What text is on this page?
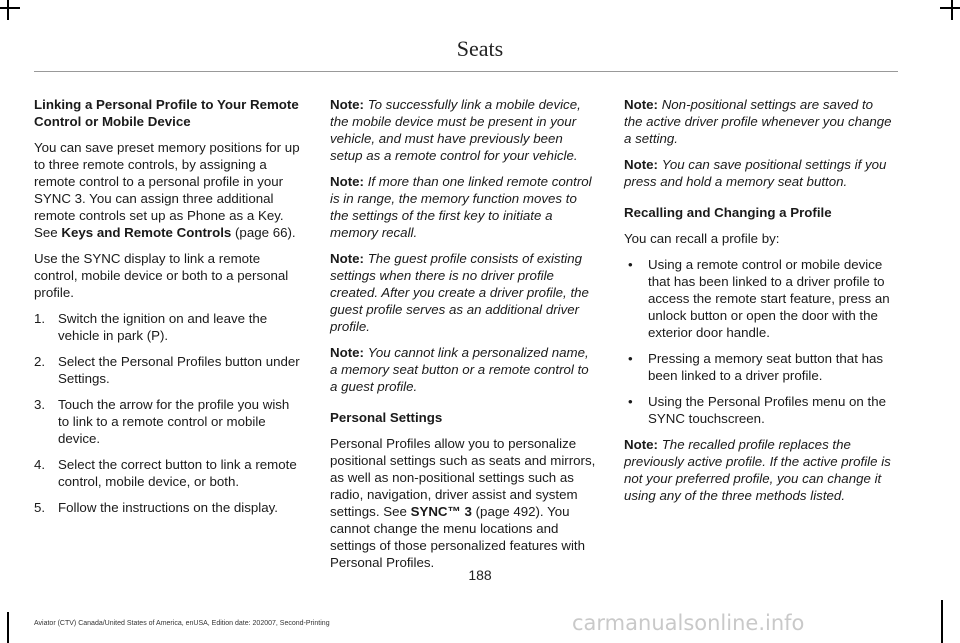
Seats

Linking a Personal Profile to Your Remote Control or Mobile Device

You can save preset memory positions for up to three remote controls, by assigning a remote control to a personal profile in your SYNC 3. You can assign three additional remote controls set up as Phone as a Key. See Keys and Remote Controls (page 66).

Use the SYNC display to link a remote control, mobile device or both to a personal profile.

1. Switch the ignition on and leave the vehicle in park (P).
2. Select the Personal Profiles button under Settings.
3. Touch the arrow for the profile you wish to link to a remote control or mobile device.
4. Select the correct button to link a remote control, mobile device, or both.
5. Follow the instructions on the display.

Note: To successfully link a mobile device, the mobile device must be present in your vehicle, and must have previously been setup as a remote control for your vehicle.

Note: If more than one linked remote control is in range, the memory function moves to the settings of the first key to initiate a memory recall.

Note: The guest profile consists of existing settings when there is no driver profile created. After you create a driver profile, the guest profile serves as an additional driver profile.

Note: You cannot link a personalized name, a memory seat button or a remote control to a guest profile.

Personal Settings

Personal Profiles allow you to personalize positional settings such as seats and mirrors, as well as non-positional settings such as radio, navigation, driver assist and system settings. See SYNC™ 3 (page 492). You cannot change the menu locations and settings of those personalized features with Personal Profiles.

Note: Non-positional settings are saved to the active driver profile whenever you change a setting.

Note: You can save positional settings if you press and hold a memory seat button.

Recalling and Changing a Profile

You can recall a profile by:

• Using a remote control or mobile device that has been linked to a driver profile to access the remote start feature, press an unlock button or open the door with the exterior door handle.
• Pressing a memory seat button that has been linked to a driver profile.
• Using the Personal Profiles menu on the SYNC touchscreen.

Note: The recalled profile replaces the previously active profile. If the active profile is not your preferred profile, you can change it using any of the three methods listed.

188
Aviator (CTV) Canada/United States of America, enUSA, Edition date: 202007, Second-Printing	carmanualsonline.info
